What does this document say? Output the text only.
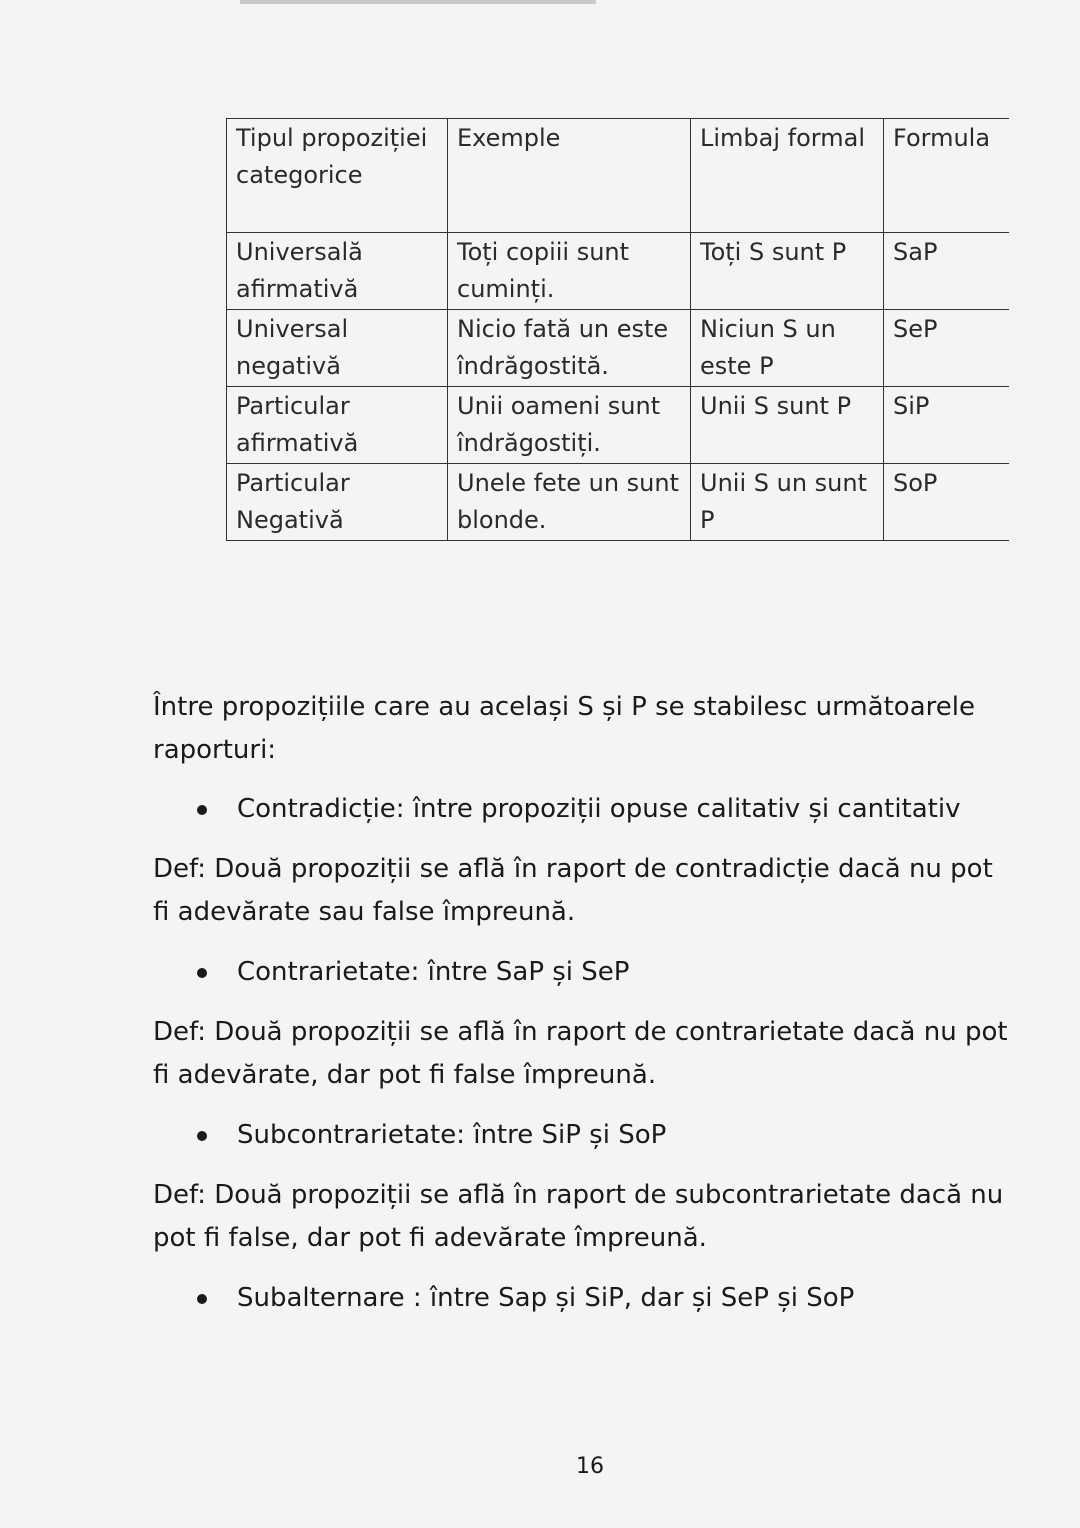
Tipul propoziției categorice	Exemple	Limbaj formal	Formula
Universală afirmativă	Toți copiii sunt cuminți.	Toți S sunt P	SaP
Universal negativă	Nicio fată un este îndrăgostită.	Niciun S un este P	SeP
Particular afirmativă	Unii oameni sunt îndrăgostiți.	Unii S sunt P	SiP
Particular Negativă	Unele fete un sunt blonde.	Unii S un sunt P	SoP

Între propozițiile care au același S și P se stabilesc următoarele
raporturi:

Contradicție: între propoziții opuse calitativ și cantitativ

Def: Două propoziții se află în raport de contradicție dacă nu pot
fi adevărate sau false împreună.

Contrarietate: între SaP și SeP

Def: Două propoziții se află în raport de contrarietate dacă nu pot
fi adevărate, dar pot fi false împreună.

Subcontrarietate: între SiP și SoP

Def: Două propoziții se află în raport de subcontrarietate dacă nu
pot fi false, dar pot fi adevărate împreună.

Subalternare : între Sap și SiP, dar și SeP și SoP
16
